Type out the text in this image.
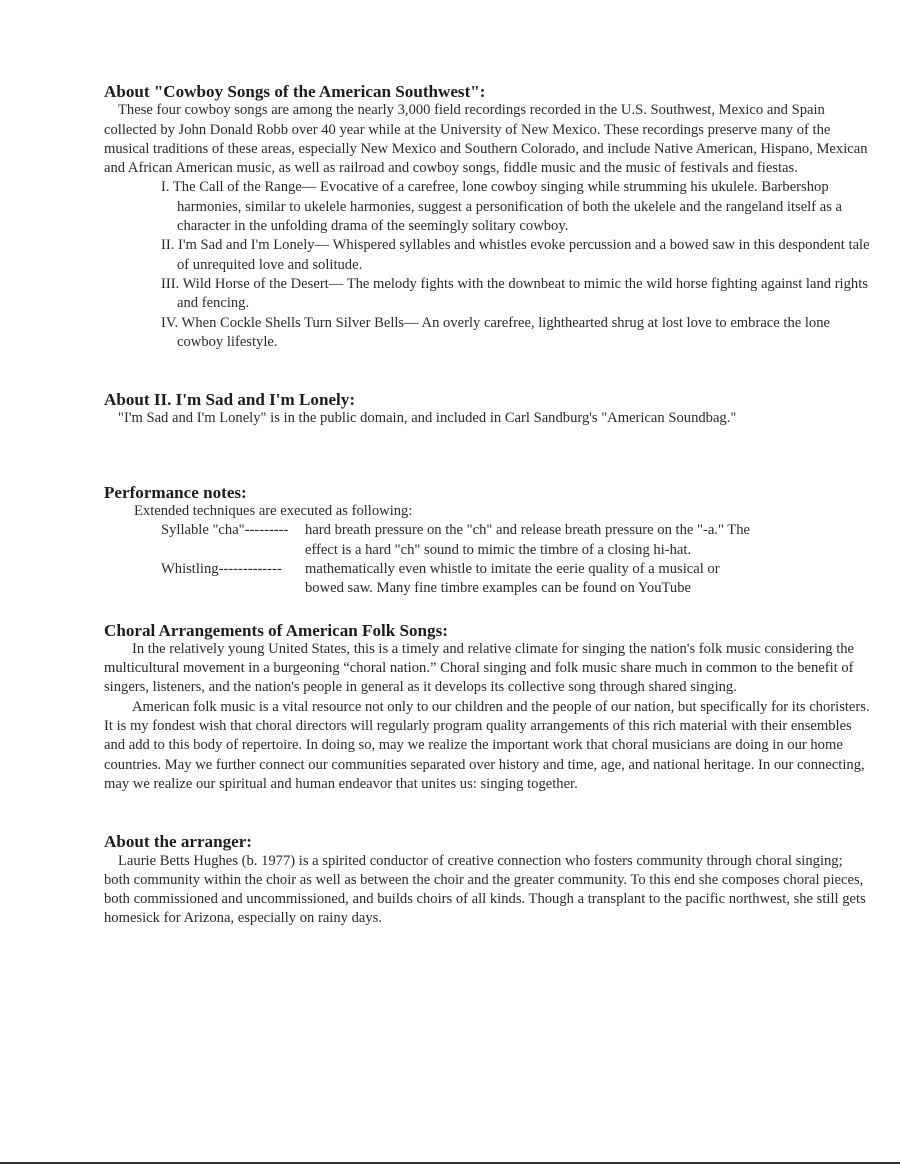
About "Cowboy Songs of the American Southwest":

These four cowboy songs are among the nearly 3,000 field recordings recorded in the U.S. Southwest, Mexico and Spain collected by John Donald Robb over 40 year while at the University of New Mexico. These recordings preserve many of the musical traditions of these areas, especially New Mexico and Southern Colorado, and include Native American, Hispano, Mexican and African American music, as well as railroad and cowboy songs, fiddle music and the music of festivals and fiestas.

I. The Call of the Range— Evocative of a carefree, lone cowboy singing while strumming his ukulele. Barbershop harmonies, similar to ukelele harmonies, suggest a personification of both the ukelele and the rangeland itself as a character in the unfolding drama of the seemingly solitary cowboy.
II. I'm Sad and I'm Lonely— Whispered syllables and whistles evoke percussion and a bowed saw in this despondent tale of unrequited love and solitude.
III. Wild Horse of the Desert— The melody fights with the downbeat to mimic the wild horse fighting against land rights and fencing.
IV. When Cockle Shells Turn Silver Bells— An overly carefree, lighthearted shrug at lost love to embrace the lone cowboy lifestyle.
About II. I'm Sad and I'm Lonely:

"I'm Sad and I'm Lonely" is in the public domain, and included in Carl Sandburg's "American Soundbag."

Performance notes:

Extended techniques are executed as following:

Syllable "cha"---------	hard breath pressure on the "ch" and release breath pressure on the "-a." The effect is a hard "ch" sound to mimic the timbre of a closing hi-hat.
Whistling-------------	mathematically even whistle to imitate the eerie quality of a musical or bowed saw. Many fine timbre examples can be found on YouTube
Choral Arrangements of American Folk Songs:

In the relatively young United States, this is a timely and relative climate for singing the nation's folk music considering the multicultural movement in a burgeoning “choral nation.” Choral singing and folk music share much in common to the benefit of singers, listeners, and the nation's people in general as it develops its collective song through shared singing.

American folk music is a vital resource not only to our children and the people of our nation, but specifically for its choristers. It is my fondest wish that choral directors will regularly program quality arrangements of this rich material with their ensembles and add to this body of repertoire. In doing so, may we realize the important work that choral musicians are doing in our home countries. May we further connect our communities separated over history and time, age, and national heritage. In our connecting, may we realize our spiritual and human endeavor that unites us: singing together.

About the arranger:

Laurie Betts Hughes (b. 1977) is a spirited conductor of creative connection who fosters community through choral singing; both community within the choir as well as between the choir and the greater community. To this end she composes choral pieces, both commissioned and uncommissioned, and builds choirs of all kinds. Though a transplant to the pacific northwest, she still gets homesick for Arizona, especially on rainy days.
